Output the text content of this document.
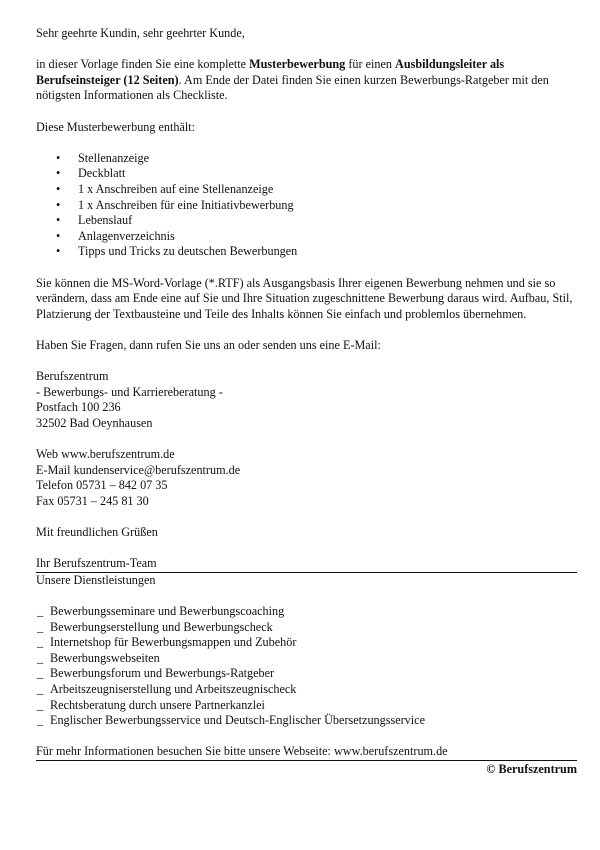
Sehr geehrte Kundin, sehr geehrter Kunde,

in dieser Vorlage finden Sie eine komplette Musterbewerbung für einen Ausbildungsleiter als Berufseinsteiger (12 Seiten). Am Ende der Datei finden Sie einen kurzen Bewerbungs-Ratgeber mit den nötigsten Informationen als Checkliste.

Diese Musterbewerbung enthält:

• Stellenanzeige
• Deckblatt
• 1 x Anschreiben auf eine Stellenanzeige
• 1 x Anschreiben für eine Initiativbewerbung
• Lebenslauf
• Anlagenverzeichnis
• Tipps und Tricks zu deutschen Bewerbungen

Sie können die MS-Word-Vorlage (*.RTF) als Ausgangsbasis Ihrer eigenen Bewerbung nehmen und sie so verändern, dass am Ende eine auf Sie und Ihre Situation zugeschnittene Bewerbung daraus wird. Aufbau, Stil, Platzierung der Textbausteine und Teile des Inhalts können Sie einfach und problemlos übernehmen.

Haben Sie Fragen, dann rufen Sie uns an oder senden uns eine E-Mail:

Berufszentrum

- Bewerbungs- und Karriereberatung -

Postfach 100 236

32502 Bad Oeynhausen

Web www.berufszentrum.de

E-Mail kundenservice@berufszentrum.de

Telefon 05731 – 842 07 35

Fax 05731 – 245 81 30

Mit freundlichen Grüßen

Ihr Berufszentrum-Team

Unsere Dienstleistungen

_ Bewerbungsseminare und Bewerbungscoaching
_ Bewerbungserstellung und Bewerbungscheck
_ Internetshop für Bewerbungsmappen und Zubehör
_ Bewerbungswebseiten
_ Bewerbungsforum und Bewerbungs-Ratgeber
_ Arbeitszeugniserstellung und Arbeitszeugnischeck
_ Rechtsberatung durch unsere Partnerkanzlei
_ Englischer Bewerbungsservice und Deutsch-Englischer Übersetzungsservice

Für mehr Informationen besuchen Sie bitte unsere Webseite: www.berufszentrum.de

© Berufszentrum
